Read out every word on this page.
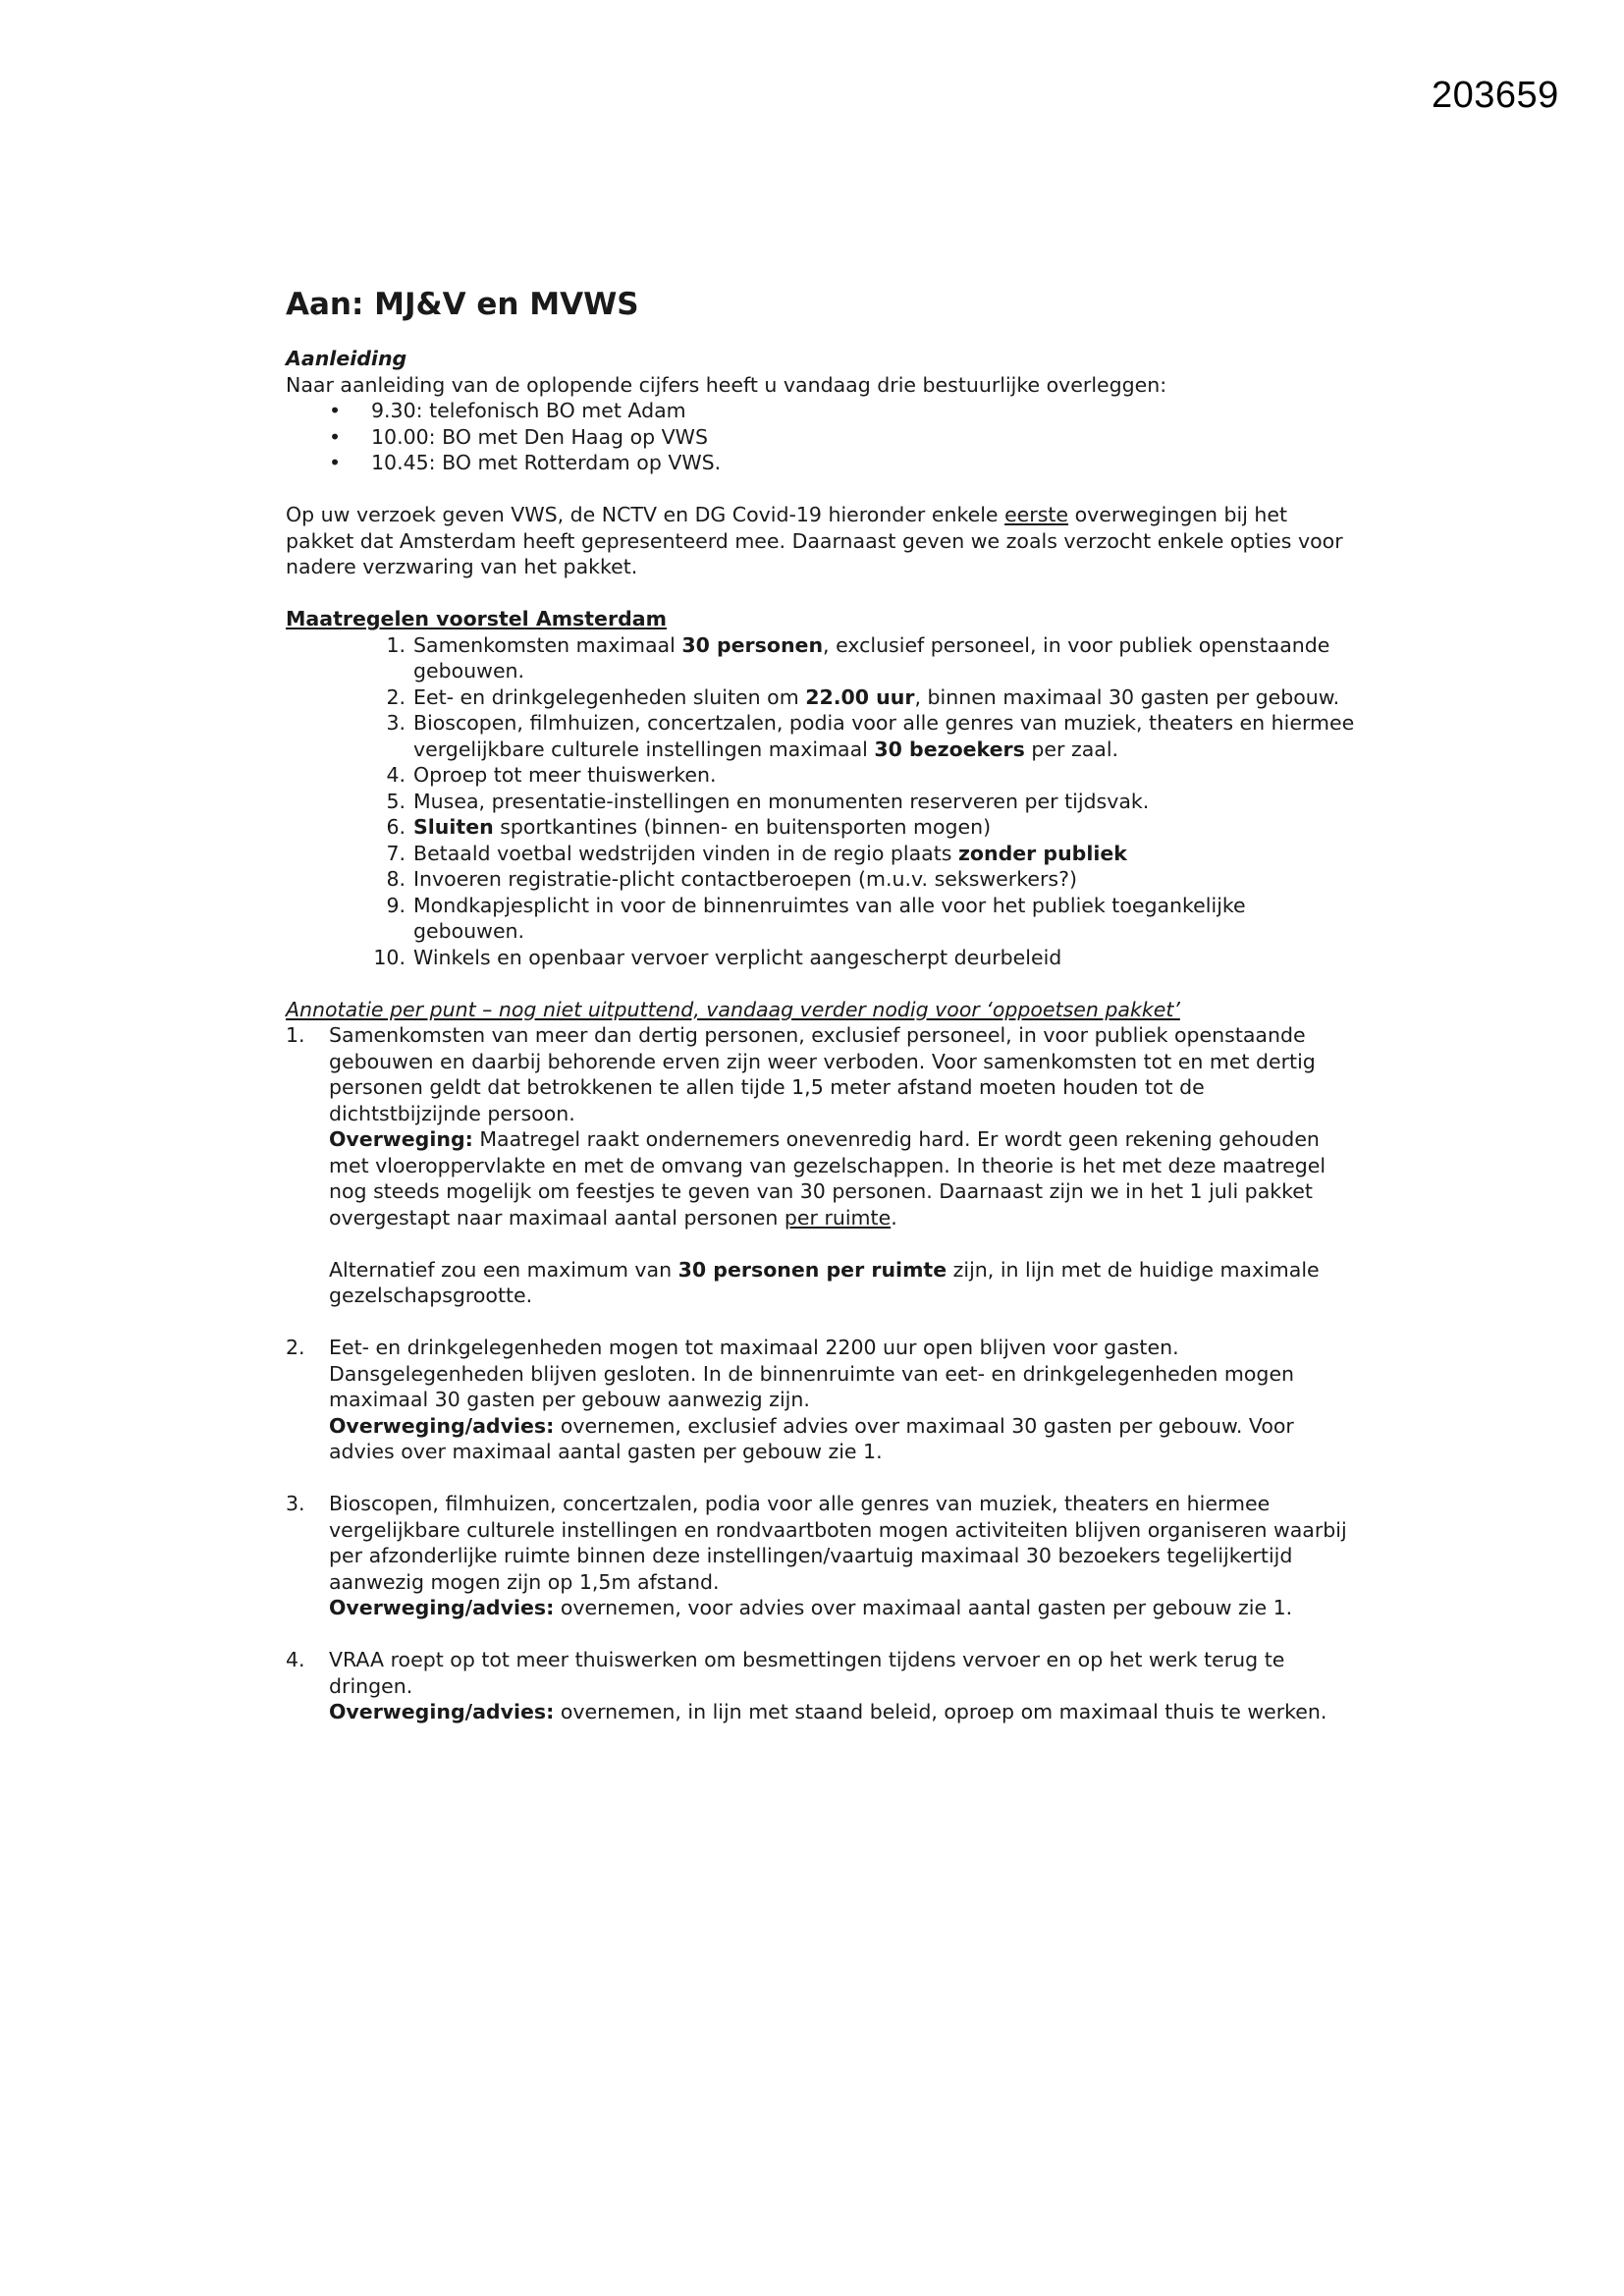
203659
Aan: MJ&V en MVWS
Aanleiding

Naar aanleiding van de oplopende cijfers heeft u vandaag drie bestuurlijke overleggen:

• 9.30: telefonisch BO met Adam
• 10.00: BO met Den Haag op VWS
• 10.45: BO met Rotterdam op VWS.

Op uw verzoek geven VWS, de NCTV en DG Covid-19 hieronder enkele eerste overwegingen bij het pakket dat Amsterdam heeft gepresenteerd mee. Daarnaast geven we zoals verzocht enkele opties voor nadere verzwaring van het pakket.

Maatregelen voorstel Amsterdam
1. Samenkomsten maximaal 30 personen, exclusief personeel, in voor publiek openstaande gebouwen.
2. Eet- en drinkgelegenheden sluiten om 22.00 uur, binnen maximaal 30 gasten per gebouw.
3. Bioscopen, filmhuizen, concertzalen, podia voor alle genres van muziek, theaters en hiermee vergelijkbare culturele instellingen maximaal 30 bezoekers per zaal.
4. Oproep tot meer thuiswerken.
5. Musea, presentatie-instellingen en monumenten reserveren per tijdsvak.
6. Sluiten sportkantines (binnen- en buitensporten mogen)
7. Betaald voetbal wedstrijden vinden in de regio plaats zonder publiek
8. Invoeren registratie-plicht contactberoepen (m.u.v. sekswerkers?)
9. Mondkapjesplicht in voor de binnenruimtes van alle voor het publiek toegankelijke gebouwen.
10. Winkels en openbaar vervoer verplicht aangescherpt deurbeleid
Annotatie per punt – nog niet uitputtend, vandaag verder nodig voor ‘oppoetsen pakket’
1. Samenkomsten van meer dan dertig personen, exclusief personeel, in voor publiek openstaande gebouwen en daarbij behorende erven zijn weer verboden. Voor samenkomsten tot en met dertig personen geldt dat betrokkenen te allen tijde 1,5 meter afstand moeten houden tot de dichtstbijzijnde persoon.

Overweging: Maatregel raakt ondernemers onevenredig hard. Er wordt geen rekening gehouden met vloeroppervlakte en met de omvang van gezelschappen. In theorie is het met deze maatregel nog steeds mogelijk om feestjes te geven van 30 personen. Daarnaast zijn we in het 1 juli pakket overgestapt naar maximaal aantal personen per ruimte.

Alternatief zou een maximum van 30 personen per ruimte zijn, in lijn met de huidige maximale gezelschapsgrootte.

2. Eet- en drinkgelegenheden mogen tot maximaal 2200 uur open blijven voor gasten. Dansgelegenheden blijven gesloten. In de binnenruimte van eet- en drinkgelegenheden mogen maximaal 30 gasten per gebouw aanwezig zijn.

Overweging/advies: overnemen, exclusief advies over maximaal 30 gasten per gebouw. Voor advies over maximaal aantal gasten per gebouw zie 1.

3. Bioscopen, filmhuizen, concertzalen, podia voor alle genres van muziek, theaters en hiermee vergelijkbare culturele instellingen en rondvaartboten mogen activiteiten blijven organiseren waarbij per afzonderlijke ruimte binnen deze instellingen/vaartuig maximaal 30 bezoekers tegelijkertijd aanwezig mogen zijn op 1,5m afstand.

Overweging/advies: overnemen, voor advies over maximaal aantal gasten per gebouw zie 1.

4. VRAA roept op tot meer thuiswerken om besmettingen tijdens vervoer en op het werk terug te dringen.

Overweging/advies: overnemen, in lijn met staand beleid, oproep om maximaal thuis te werken.
